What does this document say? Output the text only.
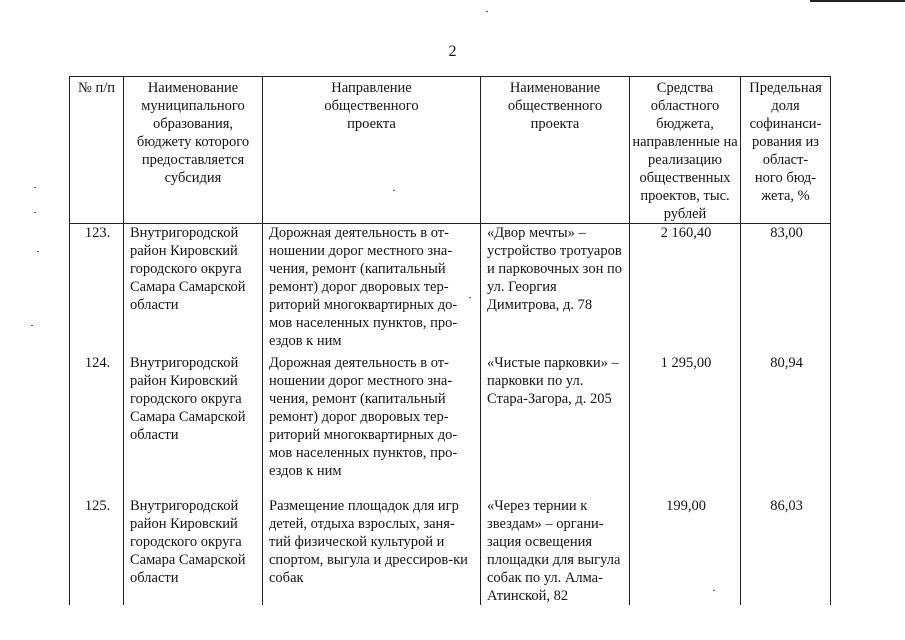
2
№ п/п	Наименование муниципального образования, бюджету которого предоставляется субсидия	Направление общественного проекта	Наименование общественного проекта	Средства областного бюджета, направленные на реализацию общественных проектов, тыс. рублей	Предельная доля софинанси-рования из област-ного бюд-жета, %
123.	Внутригородской район Кировский городского округа Самара Самарской области	Дорожная деятельность в от-ношении дорог местного зна-чения, ремонт (капитальный ремонт) дорог дворовых тер-риторий многоквартирных до-мов населенных пунктов, про-ездов к ним	«Двор мечты» – устройство тротуаров и парковочных зон по ул. Георгия Димитрова, д. 78	2 160,40	83,00
124.	Внутригородской район Кировский городского округа Самара Самарской области	Дорожная деятельность в от-ношении дорог местного зна-чения, ремонт (капитальный ремонт) дорог дворовых тер-риторий многоквартирных до-мов населенных пунктов, про-ездов к ним	«Чистые парковки» – парковки по ул. Стара-Загора, д. 205	1 295,00	80,94
125.	Внутригородской район Кировский городского округа Самара Самарской области	Размещение площадок для игр детей, отдыха взрослых, заня-тий физической культурой и спортом, выгула и дрессиров-ки собак	«Через тернии к звездам» – органи-зация освещения площадки для выгула собак по ул. Алма-Атинской, 82	199,00	86,03
